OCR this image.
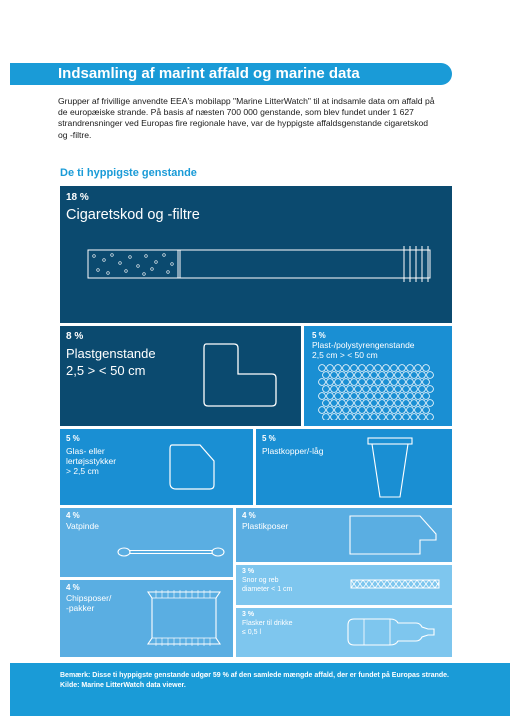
Indsamling af marint affald og marine data

Grupper af frivillige anvendte EEA's mobilapp "Marine LitterWatch" til at indsamle data om affald på de europæiske strande. På basis af næsten 700 000 genstande, som blev fundet under 1 627 strandrensninger ved Europas fire regionale have, var de hyppigste affaldsgenstande cigaretskod og -filtre.

De ti hyppigste genstande
18 %
Cigaretskod og -filtre
8 %
Plastgenstande
2,5 > < 50 cm
5 %
Plast-/polystyrengenstande
2,5 cm > < 50 cm
5 %
Glas- eller
lertøjsstykker
> 2,5 cm
5 %
Plastkopper/-låg
4 %
Vatpinde
4 %
Plastikposer
4 %
Chipsposer/
-pakker
3 %
Snor og reb
diameter < 1 cm
3 %
Flasker til drikke
≤ 0,5 l
Bemærk: Disse ti hyppigste genstande udgør 59 % af den samlede mængde affald, der er fundet på Europas strande.
Kilde: Marine LitterWatch data viewer.
